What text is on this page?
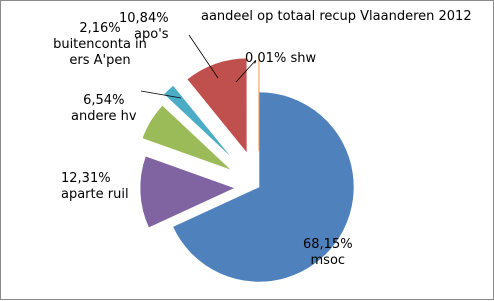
aandeel op totaal recup Vlaanderen 2012
10,84%
apo's
0,01% shw
2,16%
buitenconta iners A'pen
6,54%
andere hv
12,31%
aparte ruil
68,15%
msoc
